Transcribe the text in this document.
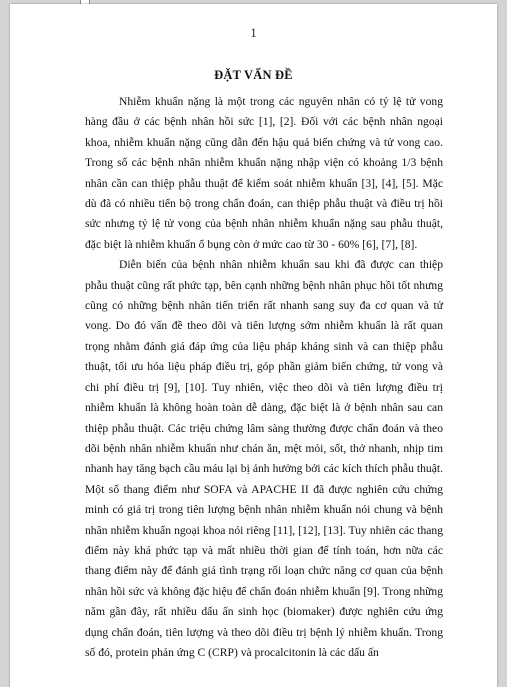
1
ĐẶT VẤN ĐỀ

Nhiễm khuẩn nặng là một trong các nguyên nhân có tỷ lệ tử vong hàng đầu ở các bệnh nhân hồi sức [1], [2]. Đối với các bệnh nhân ngoại khoa, nhiễm khuẩn nặng cũng dẫn đến hậu quả biến chứng và tử vong cao. Trong số các bệnh nhân nhiễm khuẩn nặng nhập viện có khoảng 1/3 bệnh nhân cần can thiệp phẫu thuật để kiểm soát nhiễm khuẩn [3], [4], [5]. Mặc dù đã có nhiều tiến bộ trong chẩn đoán, can thiệp phẫu thuật và điều trị hồi sức nhưng tỷ lệ tử vong của bệnh nhân nhiễm khuẩn nặng sau phẫu thuật, đặc biệt là nhiễm khuẩn ổ bụng còn ở mức cao từ 30 - 60% [6], [7], [8].

Diễn biến của bệnh nhân nhiễm khuẩn sau khi đã được can thiệp phẫu thuật cũng rất phức tạp, bên cạnh những bệnh nhân phục hồi tốt nhưng cũng có những bệnh nhân tiến triển rất nhanh sang suy đa cơ quan và tử vong. Do đó vấn đề theo dõi và tiên lượng sớm nhiễm khuẩn là rất quan trọng nhằm đánh giá đáp ứng của liệu pháp kháng sinh và can thiệp phẫu thuật, tối ưu hóa liệu pháp điều trị, góp phần giảm biến chứng, tử vong và chi phí điều trị [9], [10]. Tuy nhiên, việc theo dõi và tiên lượng điều trị nhiễm khuẩn là không hoàn toàn dễ dàng, đặc biệt là ở bệnh nhân sau can thiệp phẫu thuật. Các triệu chứng lâm sàng thường được chẩn đoán và theo dõi bệnh nhân nhiễm khuẩn như chán ăn, mệt mỏi, sốt, thở nhanh, nhịp tim nhanh hay tăng bạch cầu máu lại bị ảnh hưởng bởi các kích thích phẫu thuật. Một số thang điểm như SOFA và APACHE II đã được nghiên cứu chứng minh có giá trị trong tiên lượng bệnh nhân nhiễm khuẩn nói chung và bệnh nhân nhiễm khuẩn ngoại khoa nói riêng [11], [12], [13]. Tuy nhiên các thang điểm này khá phức tạp và mất nhiều thời gian để tính toán, hơn nữa các thang điểm này để đánh giá tình trạng rối loạn chức năng cơ quan của bệnh nhân hồi sức và không đặc hiệu để chẩn đoán nhiễm khuẩn [9]. Trong những năm gần đây, rất nhiều dấu ấn sinh học (biomaker) được nghiên cứu ứng dụng chẩn đoán, tiên lượng và theo dõi điều trị bệnh lý nhiễm khuẩn. Trong số đó, protein phản ứng C (CRP) và procalcitonin là các dấu ấn
